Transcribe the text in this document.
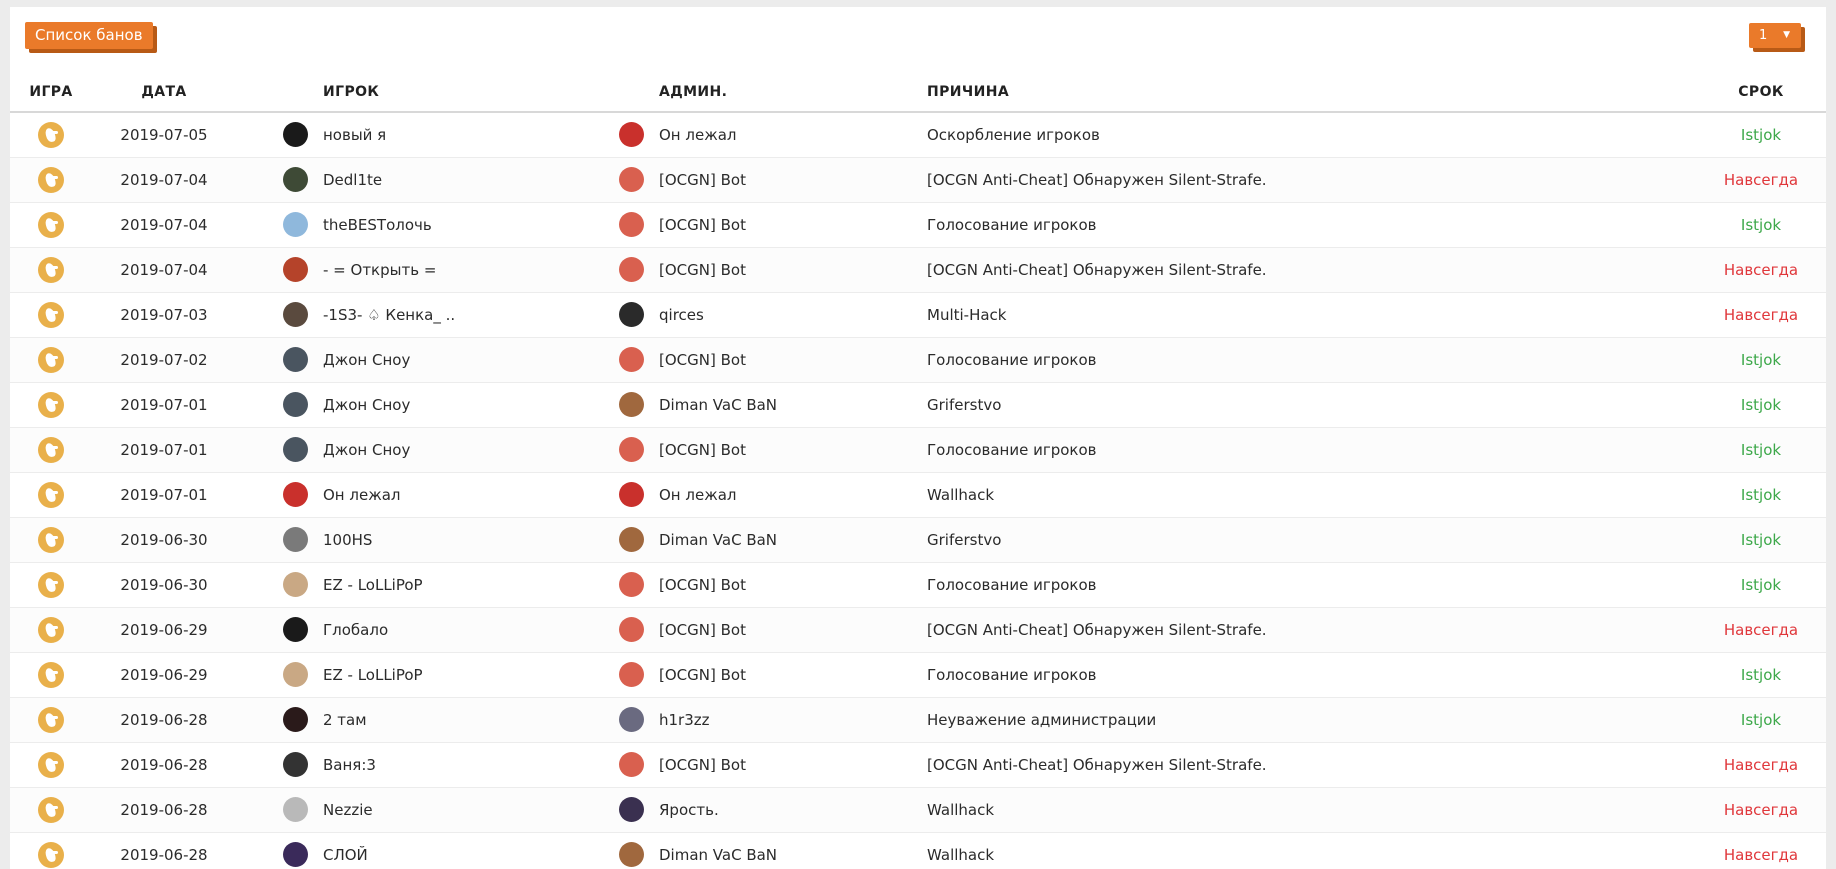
Список банов	1 ▼
ИГРА	ДАТА		ИГРОК		АДМИН.	ПРИЧИНА	СРОК
	2019-07-05		новый я		Он лежал	Оскорбление игроков	Istjok
	2019-07-04		Dedl1te		[OCGN] Bot	[OCGN Anti-Cheat] Обнаружен Silent-Strafe.	Навсегда
	2019-07-04		theBESTолочь		[OCGN] Bot	Голосование игроков	Istjok
	2019-07-04		- = Открыть =		[OCGN] Bot	[OCGN Anti-Cheat] Обнаружен Silent-Strafe.	Навсегда
	2019-07-03		-1S3- ♤ Кенка_ ..		qirces	Multi-Hack	Навсегда
	2019-07-02		Джон Сноу		[OCGN] Bot	Голосование игроков	Istjok
	2019-07-01		Джон Сноу		Diman VaC BaN	Griferstvo	Istjok
	2019-07-01		Джон Сноу		[OCGN] Bot	Голосование игроков	Istjok
	2019-07-01		Он лежал		Он лежал	Wallhack	Istjok
	2019-06-30		100HS		Diman VaC BaN	Griferstvo	Istjok
	2019-06-30		EZ - LoLLiPoP		[OCGN] Bot	Голосование игроков	Istjok
	2019-06-29		Глобало		[OCGN] Bot	[OCGN Anti-Cheat] Обнаружен Silent-Strafe.	Навсегда
	2019-06-29		EZ - LoLLiPoP		[OCGN] Bot	Голосование игроков	Istjok
	2019-06-28		2 там		h1r3zz	Неуважение администрации	Istjok
	2019-06-28		Ваня:3		[OCGN] Bot	[OCGN Anti-Cheat] Обнаружен Silent-Strafe.	Навсегда
	2019-06-28		Nezzie		Ярость.	Wallhack	Навсегда
	2019-06-28		СЛОЙ		Diman VaC BaN	Wallhack	Навсегда
